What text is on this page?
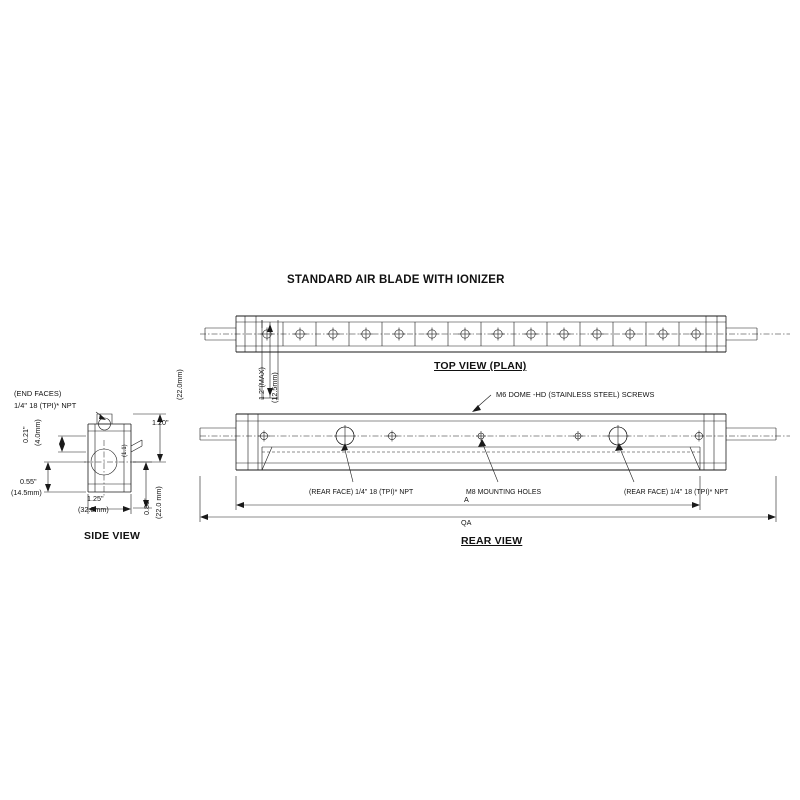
STANDARD AIR BLADE WITH IONIZER
TOP VIEW (PLAN)
REAR VIEW
SIDE VIEW
1.2"(MAX) (12.5mm)	M6 DOME -HD (STAINLESS STEEL) SCREWS
(REAR FACE) 1/4" 18 (TPI)* NPT	M8 MOUNTING HOLES	(REAR FACE) 1/4" 18 (TPI)* NPT
A
QA
(END FACES)
1/4" 18 (TPI)* NPT
0.21" (4.0mm)
0.55"
(14.5mm)
1.25"
(32.0mm)
1.20"
(22.0mm)
0.86" (22.0 mm)
(1.1)
